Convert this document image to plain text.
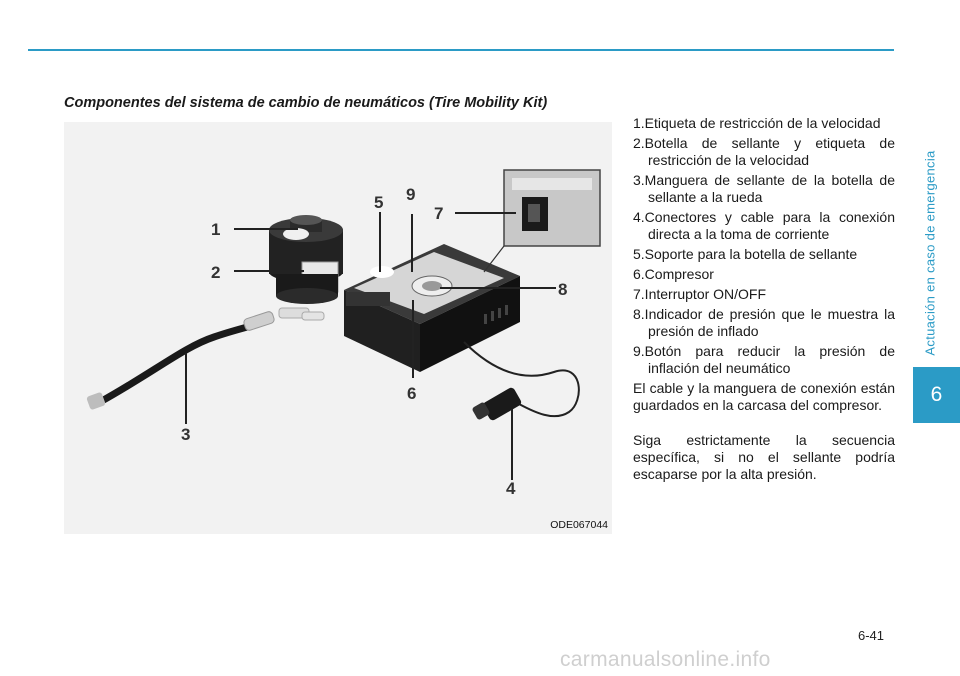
Componentes del sistema de cambio de neumáticos (Tire Mobility Kit)
1
2
3
4
5
6
7
8
9
ODE067044
1.Etiqueta de restricción de la velocidad
2.Botella de sellante y etiqueta de restricción de la velocidad
3.Manguera de sellante de la botella de sellante a la rueda
4.Conectores y cable para la conexión directa a la toma de corriente
5.Soporte para la botella de sellante
6.Compresor
7.Interruptor ON/OFF
8.Indicador de presión que le muestra la presión de inflado
9.Botón para reducir la presión de inflación del neumático
El cable y la manguera de conexión están guardados en la carcasa del compresor.
Siga estrictamente la secuencia específica, si no el sellante podría escaparse por la alta presión.
Actuación en caso de emergencia
6
6-41
carmanualsonline.info
